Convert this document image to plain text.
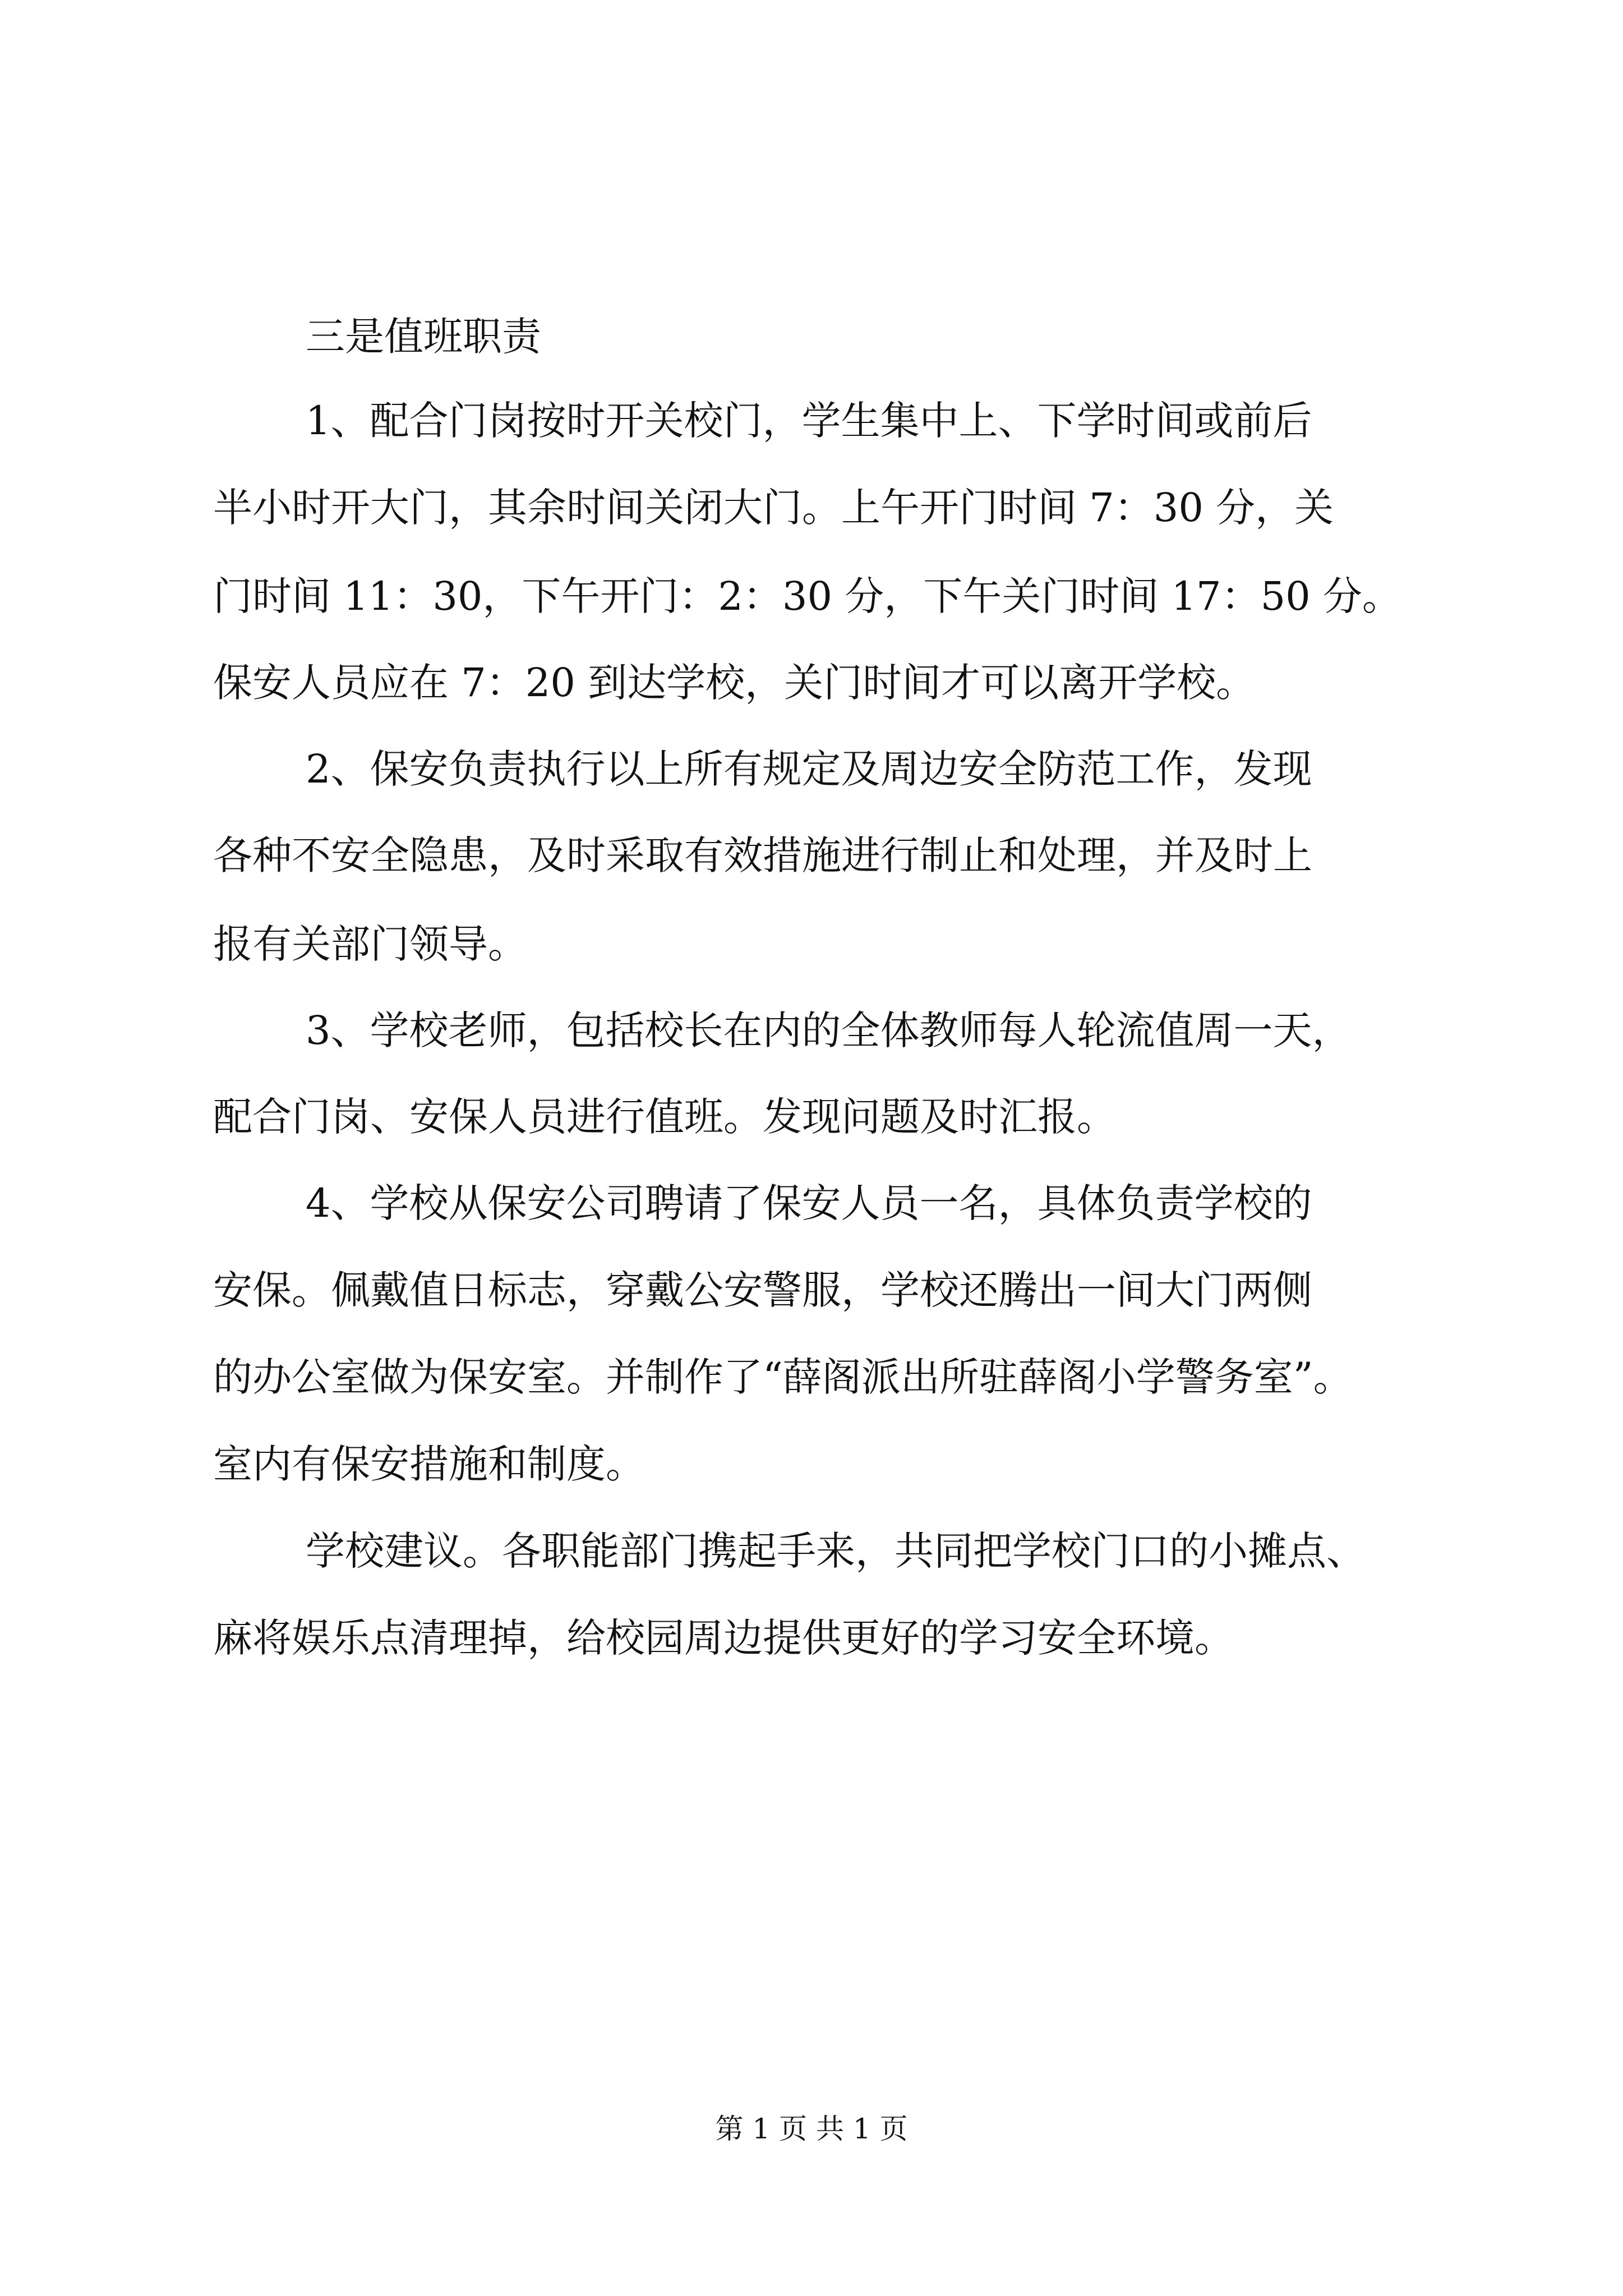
三是值班职责
1、配合门岗按时开关校门，学生集中上、下学时间或前后
半小时开大门，其余时间关闭大门。上午开门时间 7：30 分，关
门时间 11：30，下午开门：2：30 分，下午关门时间 17：50 分。
保安人员应在 7：20 到达学校，关门时间才可以离开学校。
2、保安负责执行以上所有规定及周边安全防范工作，发现
各种不安全隐患，及时采取有效措施进行制止和处理，并及时上
报有关部门领导。
3、学校老师，包括校长在内的全体教师每人轮流值周一天，
配合门岗、安保人员进行值班。发现问题及时汇报。
4、学校从保安公司聘请了保安人员一名，具体负责学校的
安保。佩戴值日标志，穿戴公安警服，学校还腾出一间大门两侧
的办公室做为保安室。并制作了“薛阁派出所驻薛阁小学警务室”。
室内有保安措施和制度。
学校建议。各职能部门携起手来，共同把学校门口的小摊点、
麻将娱乐点清理掉，给校园周边提供更好的学习安全环境。
第 1 页 共 1 页
